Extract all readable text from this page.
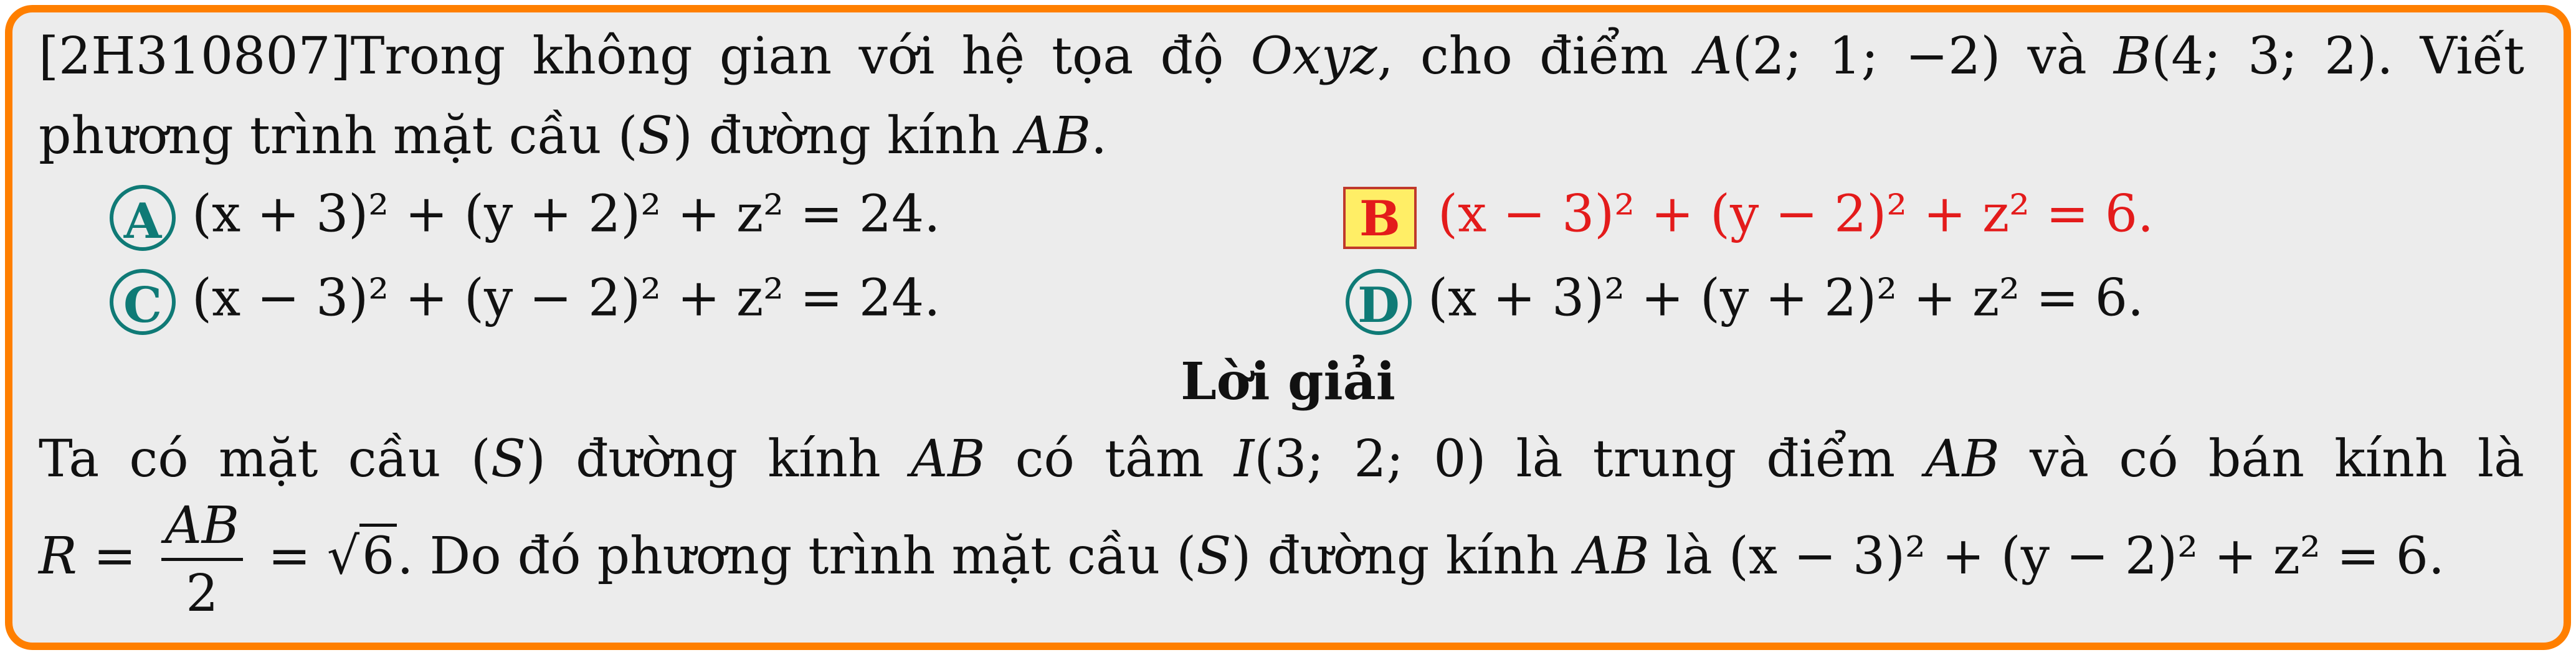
[2H310807]Trong không gian với hệ tọa độ Oxyz, cho điểm A(2; 1; −2) và B(4; 3; 2). Viết
phương trình mặt cầu (S) đường kính AB.
A (x + 3)² + (y + 2)² + z² = 24.	B (x − 3)² + (y − 2)² + z² = 6.
C (x − 3)² + (y − 2)² + z² = 24.	D (x + 3)² + (y + 2)² + z² = 6.
Lời giải
Ta có mặt cầu (S) đường kính AB có tâm I(3; 2; 0) là trung điểm AB và có bán kính là
$R = \frac{AB}{2} = √6$. Do đó phương trình mặt cầu (S) đường kính AB là (x − 3)² + (y − 2)² + z² = 6.
